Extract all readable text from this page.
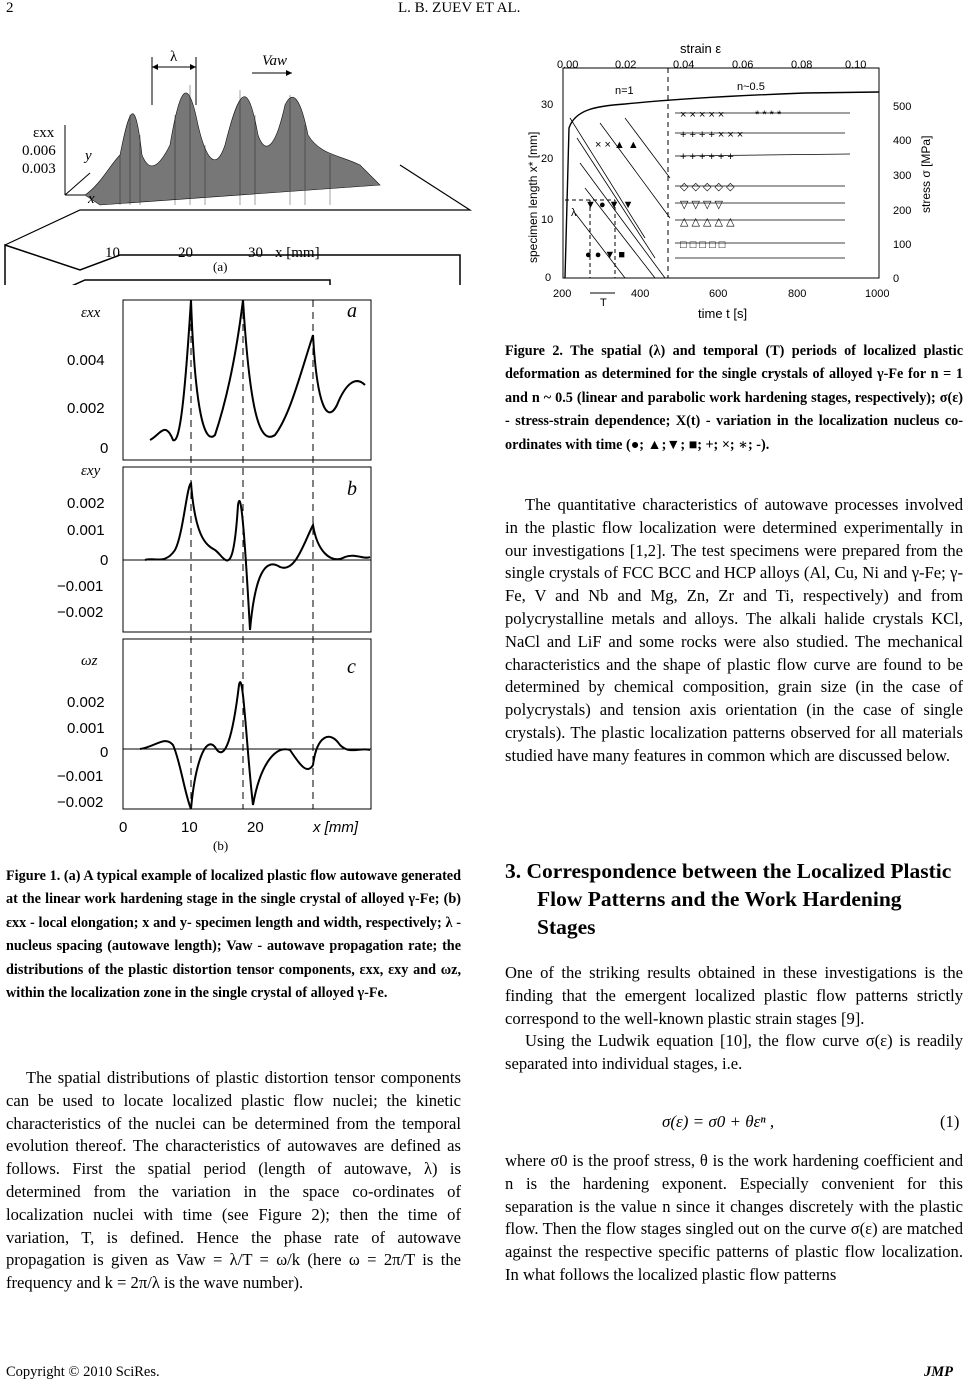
2	L. B. ZUEV ET AL.
εxx
0.006
0.003
y
x
λ	Vaw
10	20	30 x [mm]
(a)
εxx	a
0.004
0.002
0
εxy
b
0.002
0.001
0
−0.001
−0.002
ωz	c
0.002
0.001
0
−0.001
−0.002
0	10	20	x [mm]
(b)

Figure 1. (a) A typical example of localized plastic flow autowave generated at the linear work hardening stage in the single crystal of alloyed γ-Fe; (b) εxx - local elongation; x and y- specimen length and width, respectively; λ - nucleus spacing (autowave length); Vaw - autowave propagation rate; the distributions of the plastic distortion tensor components, εxx, εxy and ωz, within the localization zone in the single crystal of alloyed γ-Fe.

The spatial distributions of plastic distortion tensor components can be used to locate localized plastic flow nuclei; the kinetic characteristics of the nuclei can be determined from the temporal evolution thereof. The characteristics of autowaves are defined as follows. First the spatial period (length of autowave, λ) is determined from the variation in the space co-ordinates of localization nuclei with time (see Figure 2); then the time of variation, T, is defined. Hence the phase rate of autowave propagation is given as Vaw = λ/T = ω/k (here ω = 2π/T is the frequency and k = 2π/λ is the wave number).

× × × × ×	* * * *
+ + + + × × ×
+ + + + + +
◇ ◇ ◇ ◇ ◇
▽ ▽ ▽ ▽
△ △ △ △ △
□ □ □ □ □
× × ▲ ▲
▼ ● ▼ ▼
● ● ▼ ■
strain ε
0.00	0.02	0.04	0.06	0.08	0.10
200	400	600	800	1000
time t [s]
0
10
20
30
specimen length x* [mm]
0
100
200
300
400
500
stress σ [MPa]
n=1	n~0.5
T
λ

Figure 2. The spatial (λ) and temporal (T) periods of localized plastic deformation as determined for the single crystals of alloyed γ-Fe for n = 1 and n ~ 0.5 (linear and parabolic work hardening stages, respectively); σ(ε) - stress-strain dependence; X(t) - variation in the localization nucleus co-ordinates with time (●; ▲;▼; ■; +; ×; ∗; -).

The quantitative characteristics of autowave processes involved in the plastic flow localization were determined experimentally in our investigations [1,2]. The test specimens were prepared from the single crystals of FCC BCC and HCP alloys (Al, Cu, Ni and γ-Fe; γ-Fe, V and Nb and Mg, Zn, Zr and Ti, respectively) and from polycrystalline metals and alloys. The alkali halide crystals KCl, NaCl and LiF and some rocks were also studied. The mechanical characteristics and the shape of plastic flow curve are found to be determined by chemical composition, grain size (in the case of polycrystals) and tension axis orientation (in the case of single crystals). The plastic localization patterns observed for all materials studied have many features in common which are discussed below.

3. Correspondence between the Localized Plastic Flow Patterns and the Work Hardening Stages

One of the striking results obtained in these investigations is the finding that the emergent localized plastic flow patterns strictly correspond to the well-known plastic strain stages [9].

Using the Ludwik equation [10], the flow curve σ(ε) is readily separated into individual stages, i.e.

σ(ε) = σ0 + θεⁿ ,	(1)

where σ0 is the proof stress, θ is the work hardening coefficient and n is the hardening exponent. Especially convenient for this separation is the value n since it changes discretely with the plastic flow. Then the flow stages singled out on the curve σ(ε) are matched against the respective specific patterns of plastic flow localization. In what follows the localized plastic flow patterns

Copyright © 2010 SciRes.	JMP
